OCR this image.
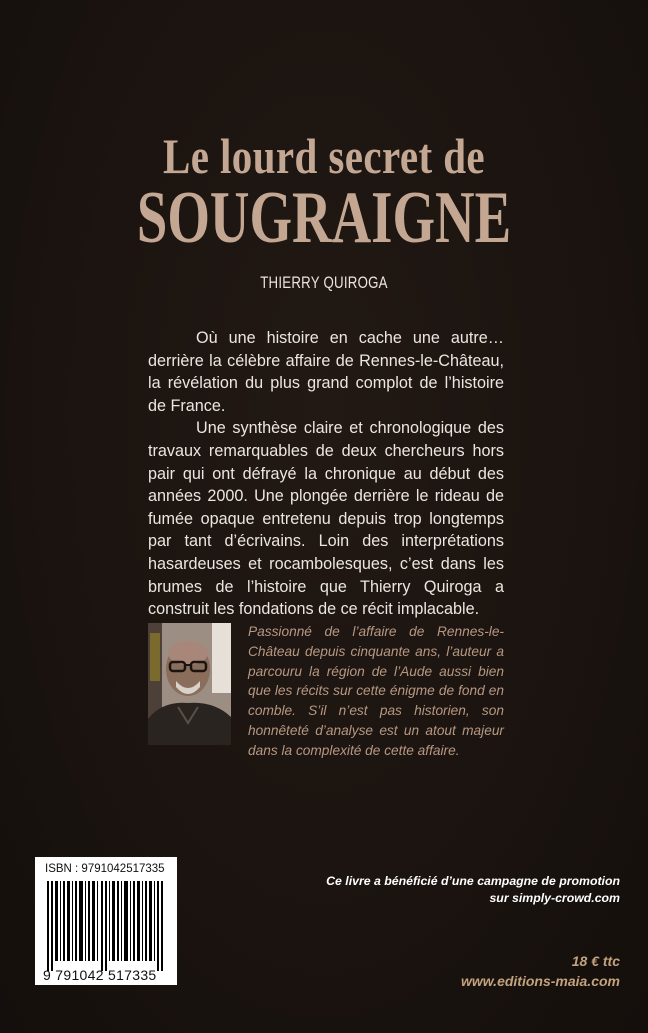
Le lourd secret de
SOUGRAIGNE
THIERRY QUIROGA

Où une histoire en cache une autre… derrière la célèbre affaire de Rennes-le-Château, la révélation du plus grand complot de l’histoire de France.

Une synthèse claire et chronologique des travaux remarquables de deux chercheurs hors pair qui ont défrayé la chronique au début des années 2000. Une plongée derrière le rideau de fumée opaque entretenu depuis trop longtemps par tant d’écrivains. Loin des interprétations hasardeuses et rocambolesques, c’est dans les brumes de l’histoire que Thierry Quiroga a construit les fondations de ce récit implacable.

Passionné de l’affaire de Rennes-le-Château depuis cinquante ans, l’auteur a parcouru la région de l’Aude aussi bien que les récits sur cette énigme de fond en comble. S’il n’est pas historien, son honnêteté d’analyse est un atout majeur dans la complexité de cette affaire.
ISBN : 9791042517335
9 791042 517335
Ce livre a bénéficié d’une campagne de promotion
sur simply-crowd.com
18 € ttc
www.editions-maia.com
